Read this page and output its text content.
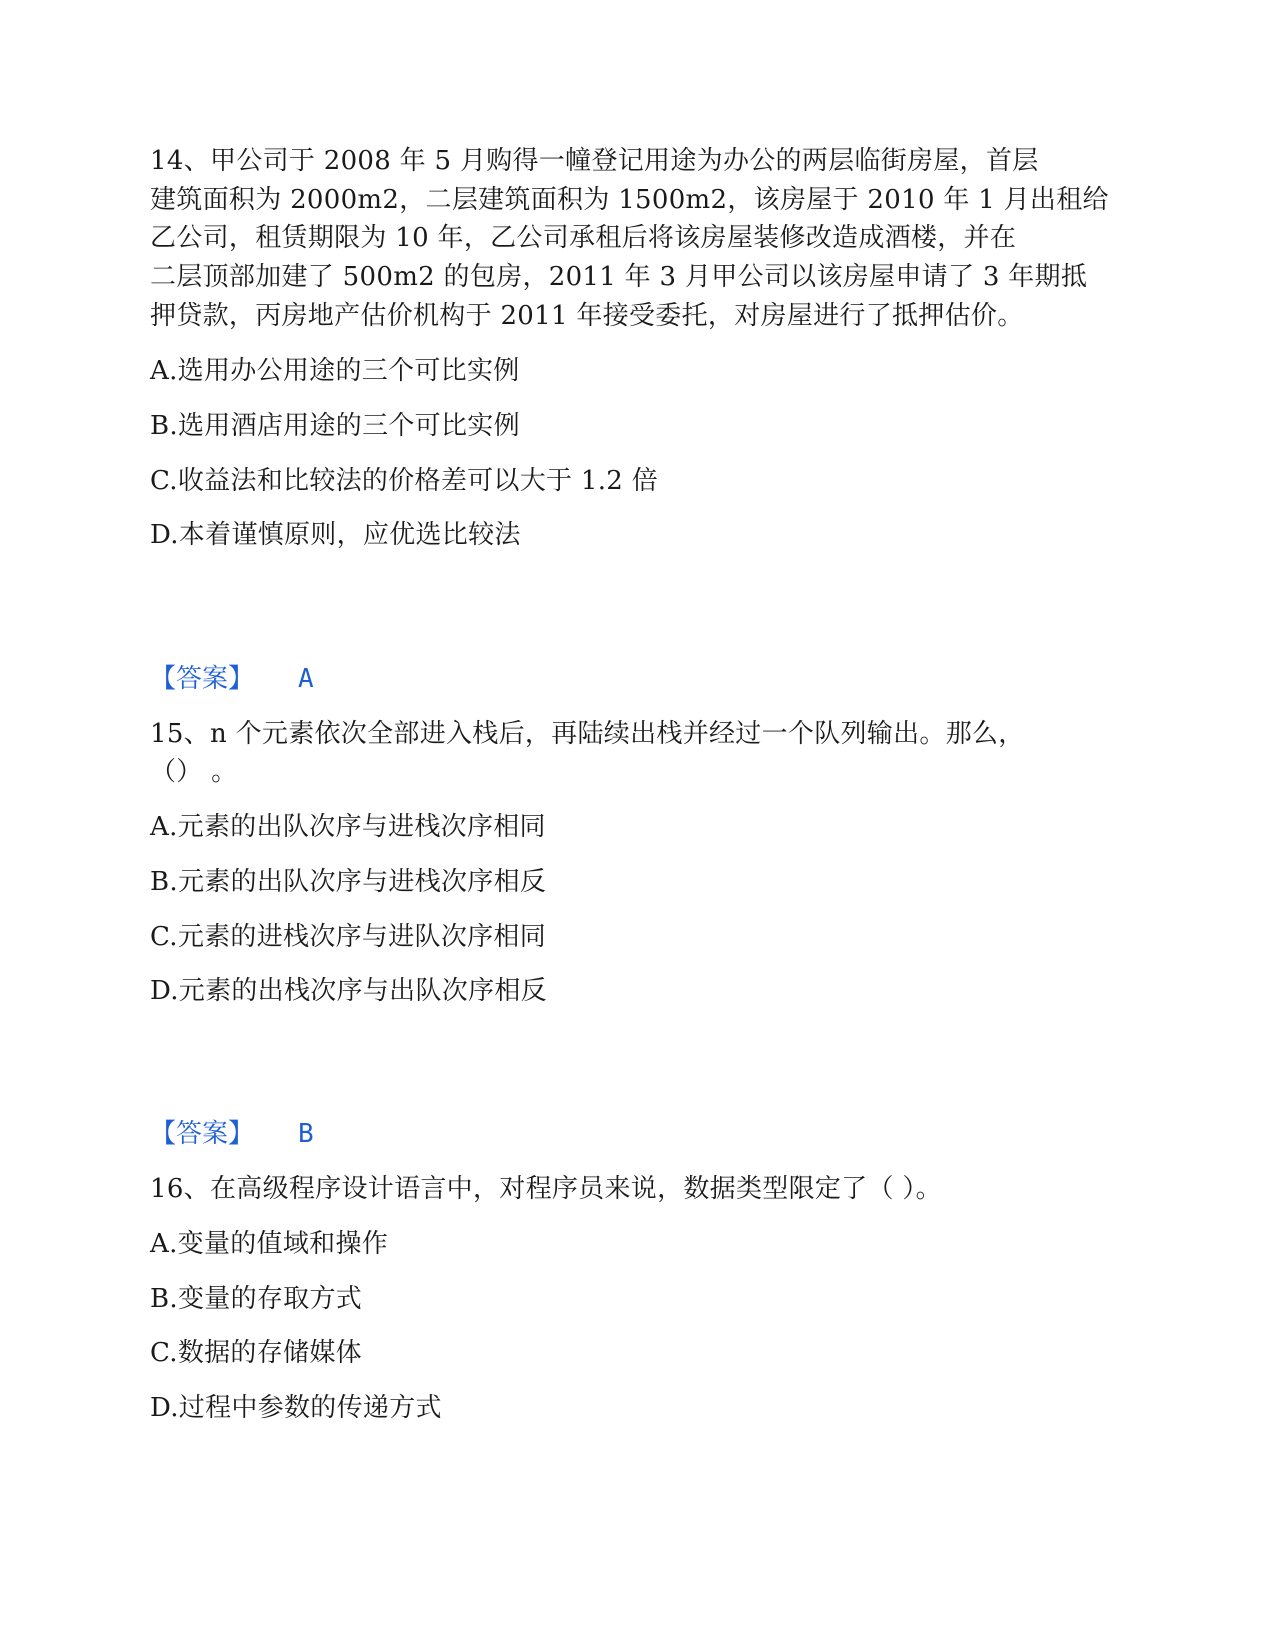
14、甲公司于 2008 年 5 月购得一幢登记用途为办公的两层临街房屋，首层
建筑面积为 2000m2，二层建筑面积为 1500m2，该房屋于 2010 年 1 月出租给
乙公司，租赁期限为 10 年，乙公司承租后将该房屋装修改造成酒楼，并在
二层顶部加建了 500m2 的包房，2011 年 3 月甲公司以该房屋申请了 3 年期抵
押贷款，丙房地产估价机构于 2011 年接受委托，对房屋进行了抵押估价。
A.选用办公用途的三个可比实例
B.选用酒店用途的三个可比实例
C.收益法和比较法的价格差可以大于 1.2 倍
D.本着谨慎原则，应优选比较法
【答案】 A
15、n 个元素依次全部进入栈后，再陆续出栈并经过一个队列输出。那么，
（） 。
A.元素的出队次序与进栈次序相同
B.元素的出队次序与进栈次序相反
C.元素的进栈次序与进队次序相同
D.元素的出栈次序与出队次序相反
【答案】 B
16、在高级程序设计语言中，对程序员来说，数据类型限定了（ ）。
A.变量的值域和操作
B.变量的存取方式
C.数据的存储媒体
D.过程中参数的传递方式
